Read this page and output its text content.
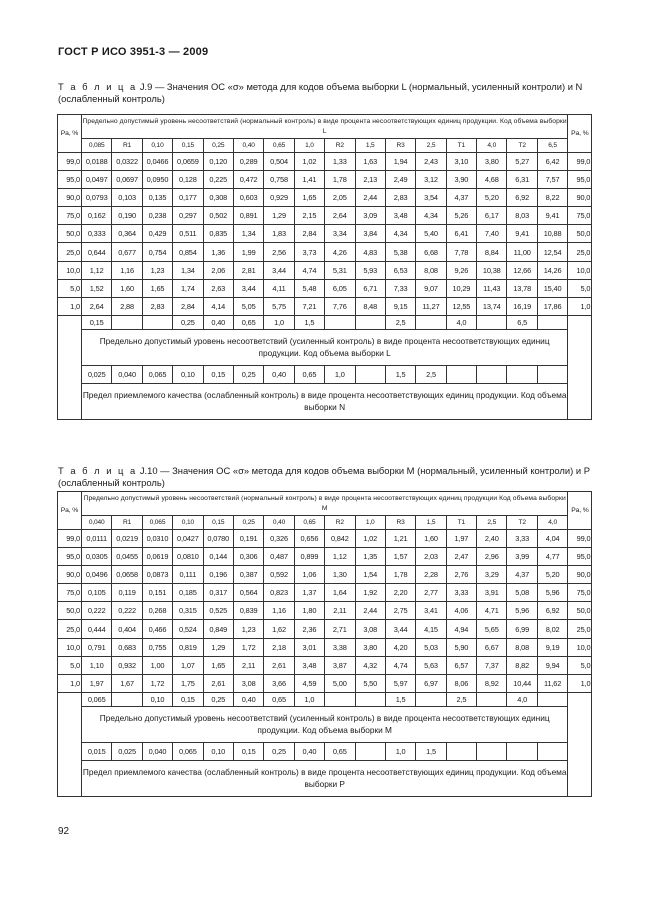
ГОСТ Р ИСО 3951-3 — 2009
Т а б л и ц а J.9 — Значения OC «σ» метода для кодов объема выборки L (нормальный, усиленный контроли) и N (ослабленный контроль)
Pa, %	Предельно допустимый уровень несоответствий (нормальный контроль) в виде процента несоответствующих единиц продукции. Код объема выборки L																Pa, %
	0,085	R1	0,10	0,15	0,25	0,40	0,65	1,0	R2	1,5	R3	2,5	T1	4,0	T2	6,5	
99,0	0,0188	0,0322	0,0466	0,0659	0,120	0,289	0,504	1,02	1,33	1,63	1,94	2,43	3,10	3,80	5,27	6,42	99,0
95,0	0,0497	0,0697	0,0950	0,128	0,225	0,472	0,758	1,41	1,78	2,13	2,49	3,12	3,90	4,68	6,31	7,57	95,0
90,0	0,0793	0,103	0,135	0,177	0,308	0,603	0,929	1,65	2,05	2,44	2,83	3,54	4,37	5,20	6,92	8,22	90,0
75,0	0,162	0,190	0,238	0,297	0,502	0,891	1,29	2,15	2,64	3,09	3,48	4,34	5,26	6,17	8,03	9,41	75,0
50,0	0,333	0,364	0,429	0,511	0,835	1,34	1,83	2,84	3,34	3,84	4,34	5,40	6,41	7,40	9,41	10,88	50,0
25,0	0,644	0,677	0,754	0,854	1,36	1,99	2,56	3,73	4,26	4,83	5,38	6,68	7,78	8,84	11,00	12,54	25,0
10,0	1,12	1,16	1,23	1,34	2,06	2,81	3,44	4,74	5,31	5,93	6,53	8,08	9,26	10,38	12,66	14,26	10,0
5,0	1,52	1,60	1,65	1,74	2,63	3,44	4,11	5,48	6,05	6,71	7,33	9,07	10,29	11,43	13,78	15,40	5,0
1,0	2,64	2,88	2,83	2,84	4,14	5,05	5,75	7,21	7,76	8,48	9,15	11,27	12,55	13,74	16,19	17,86	1,0
	0,15			0,25	0,40	0,65	1,0	1,5			2,5		4,0		6,5		
	Предельно допустимый уровень несоответствий (усиленный контроль) в виде процента несоответствующих единиц продукции. Код объема выборки L																
	0,025	0,040	0,065	0,10	0,15	0,25	0,40	0,65	1,0		1,5	2,5					
	Предел приемлемого качества (ослабленный контроль) в виде процента несоответствующих единиц продукции. Код объема выборки N																
Т а б л и ц а J.10 — Значения OC «σ» метода для кодов объема выборки M (нормальный, усиленный контроли) и P (ослабленный контроль)
Pa, %	Предельно допустимый уровень несоответствий (нормальный контроль) в виде процента несоответствующих единиц продукции Код объема выборки M																Pa, %
	0,040	R1	0,065	0,10	0,15	0,25	0,40	0,65	R2	1,0	R3	1,5	T1	2,5	T2	4,0	
99,0	0,0111	0,0219	0,0310	0,0427	0,0780	0,191	0,326	0,656	0,842	1,02	1,21	1,60	1,97	2,40	3,33	4,04	99,0
95,0	0,0305	0,0455	0,0619	0,0810	0,144	0,306	0,487	0,899	1,12	1,35	1,57	2,03	2,47	2,96	3,99	4,77	95,0
90,0	0,0496	0,0658	0,0873	0,111	0,196	0,387	0,592	1,06	1,30	1,54	1,78	2,28	2,76	3,29	4,37	5,20	90,0
75,0	0,105	0,119	0,151	0,185	0,317	0,564	0,823	1,37	1,64	1,92	2,20	2,77	3,33	3,91	5,08	5,96	75,0
50,0	0,222	0,222	0,268	0,315	0,525	0,839	1,16	1,80	2,11	2,44	2,75	3,41	4,06	4,71	5,96	6,92	50,0
25,0	0,444	0,404	0,466	0,524	0,849	1,23	1,62	2,36	2,71	3,08	3,44	4,15	4,94	5,65	6,99	8,02	25,0
10,0	0,791	0,683	0,755	0,819	1,29	1,72	2,18	3,01	3,38	3,80	4,20	5,03	5,90	6,67	8,08	9,19	10,0
5,0	1,10	0,932	1,00	1,07	1,65	2,11	2,61	3,48	3,87	4,32	4,74	5,63	6,57	7,37	8,82	9,94	5,0
1,0	1,97	1,67	1,72	1,75	2,61	3,08	3,66	4,59	5,00	5,50	5,97	6,97	8,06	8,92	10,44	11,62	1,0
	0,065		0,10	0,15	0,25	0,40	0,65	1,0			1,5		2,5		4,0		
	Предельно допустимый уровень несоответствий (усиленный контроль) в виде процента несоответствующих единиц продукции. Код объема выборки M																
	0,015	0,025	0,040	0,065	0,10	0,15	0,25	0,40	0,65		1,0	1,5					
	Предел приемлемого качества (ослабленный контроль) в виде процента несоответствующих единиц продукции. Код объема выборки P																
92
